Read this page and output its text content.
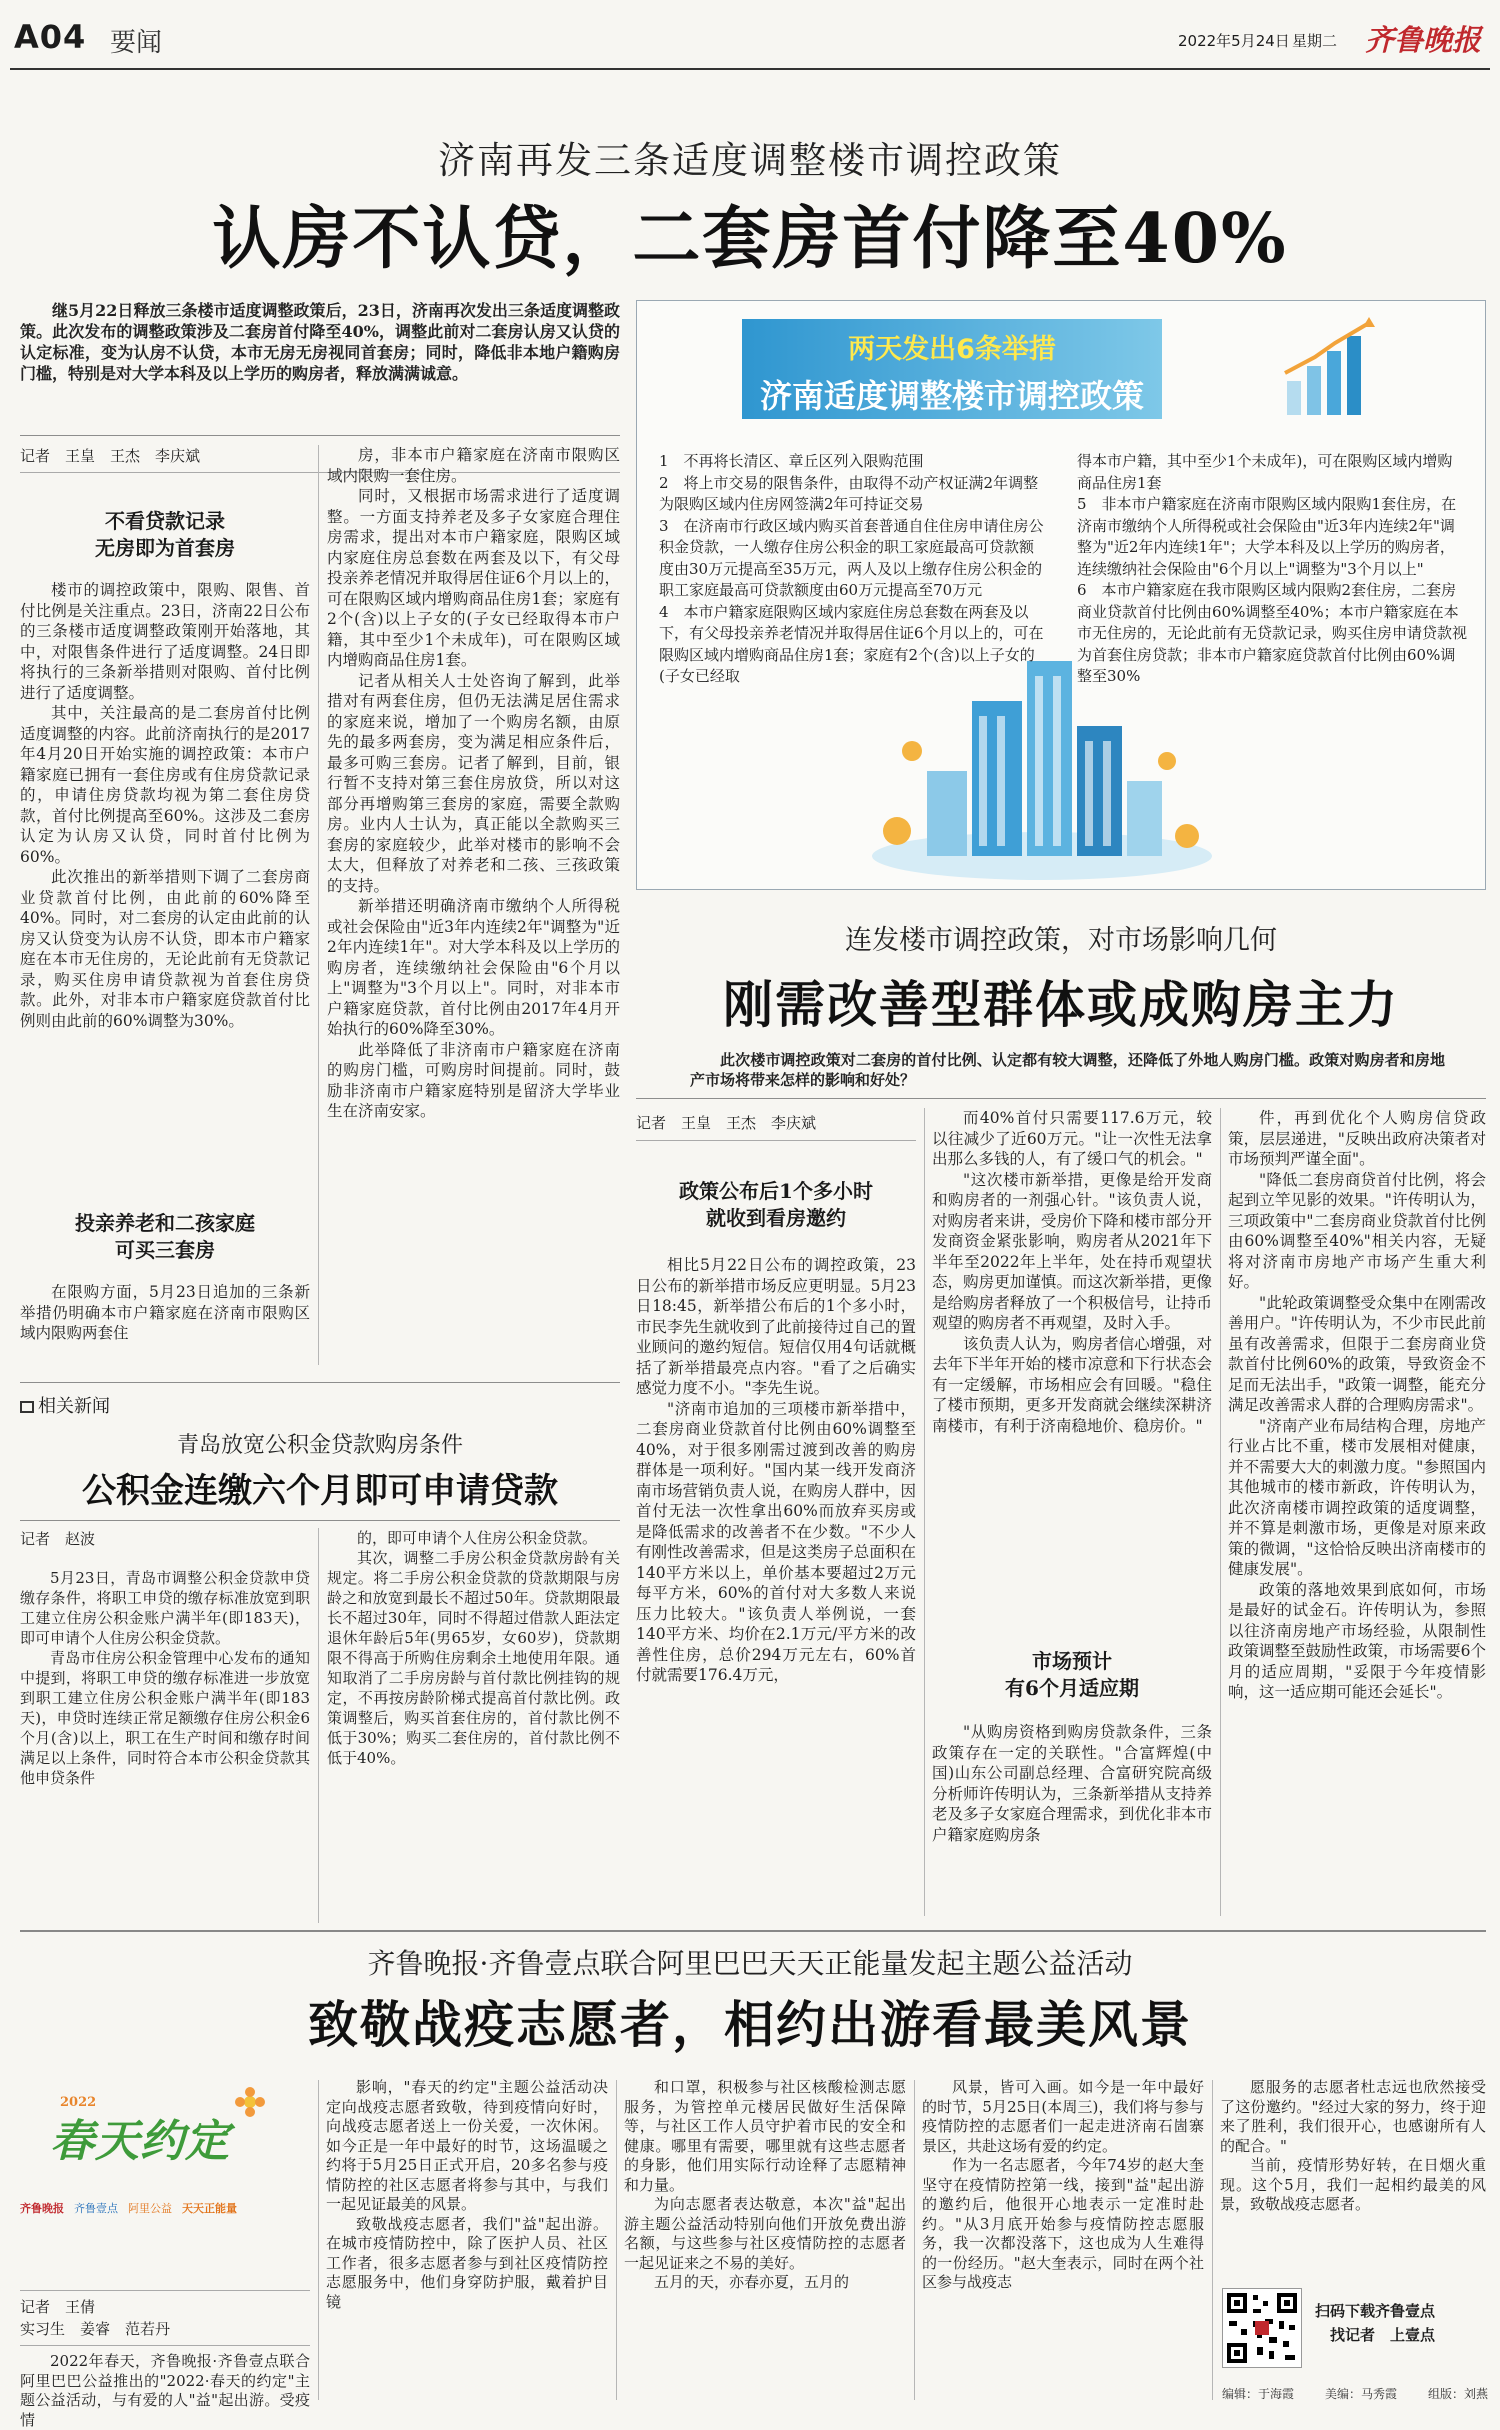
A04 要闻	2022年5月24日 星期二 齐鲁晚报
济南再发三条适度调整楼市调控政策
认房不认贷，二套房首付降至40%

继5月22日释放三条楼市适度调整政策后，23日，济南再次发出三条适度调整政策。此次发布的调整政策涉及二套房首付降至40%，调整此前对二套房认房又认贷的认定标准，变为认房不认贷，本市无房无房视同首套房；同时，降低非本地户籍购房门槛，特别是对大学本科及以上学历的购房者，释放满满诚意。

记者　王皇　王杰　李庆斌
不看贷款记录
无房即为首套房

楼市的调控政策中，限购、限售、首付比例是关注重点。23日，济南22日公布的三条楼市适度调整政策刚开始落地，其中，对限售条件进行了适度调整。24日即将执行的三条新举措则对限购、首付比例进行了适度调整。

其中，关注最高的是二套房首付比例适度调整的内容。此前济南执行的是2017年4月20日开始实施的调控政策：本市户籍家庭已拥有一套住房或有住房贷款记录的，申请住房贷款均视为第二套住房贷款，首付比例提高至60%。这涉及二套房认定为认房又认贷，同时首付比例为60%。

此次推出的新举措则下调了二套房商业贷款首付比例，由此前的60%降至40%。同时，对二套房的认定由此前的认房又认贷变为认房不认贷，即本市户籍家庭在本市无住房的，无论此前有无贷款记录，购买住房申请贷款视为首套住房贷款。此外，对非本市户籍家庭贷款首付比例则由此前的60%调整为30%。

投亲养老和二孩家庭
可买三套房

在限购方面，5月23日追加的三条新举措仍明确本市户籍家庭在济南市限购区域内限购两套住

房，非本市户籍家庭在济南市限购区域内限购一套住房。

同时，又根据市场需求进行了适度调整。一方面支持养老及多子女家庭合理住房需求，提出对本市户籍家庭，限购区域内家庭住房总套数在两套及以下，有父母投亲养老情况并取得居住证6个月以上的，可在限购区域内增购商品住房1套；家庭有2个(含)以上子女的(子女已经取得本市户籍，其中至少1个未成年)，可在限购区域内增购商品住房1套。

记者从相关人士处咨询了解到，此举措对有两套住房，但仍无法满足居住需求的家庭来说，增加了一个购房名额，由原先的最多两套房，变为满足相应条件后，最多可购三套房。记者了解到，目前，银行暂不支持对第三套住房放贷，所以对这部分再增购第三套房的家庭，需要全款购房。业内人士认为，真正能以全款购买三套房的家庭较少，此举对楼市的影响不会太大，但释放了对养老和二孩、三孩政策的支持。

新举措还明确济南市缴纳个人所得税或社会保险由"近3年内连续2年"调整为"近2年内连续1年"。对大学本科及以上学历的购房者，连续缴纳社会保险由"6个月以上"调整为"3个月以上"。同时，对非本市户籍家庭贷款，首付比例由2017年4月开始执行的60%降至30%。

此举降低了非济南市户籍家庭在济南的购房门槛，可购房时间提前。同时，鼓励非济南市户籍家庭特别是留济大学毕业生在济南安家。

两天发出6条举措
济南适度调整楼市调控政策
1　不再将长清区、章丘区列入限购范围
2　将上市交易的限售条件，由取得不动产权证满2年调整为限购区域内住房网签满2年可持证交易
3　在济南市行政区域内购买首套普通自住住房申请住房公积金贷款，一人缴存住房公积金的职工家庭最高可贷款额度由30万元提高至35万元，两人及以上缴存住房公积金的职工家庭最高可贷款额度由60万元提高至70万元
4　本市户籍家庭限购区域内家庭住房总套数在两套及以下，有父母投亲养老情况并取得居住证6个月以上的，可在限购区域内增购商品住房1套；家庭有2个(含)以上子女的(子女已经取
得本市户籍，其中至少1个未成年)，可在限购区域内增购商品住房1套
5　非本市户籍家庭在济南市限购区域内限购1套住房，在济南市缴纳个人所得税或社会保险由"近3年内连续2年"调整为"近2年内连续1年"；大学本科及以上学历的购房者，连续缴纳社会保险由"6个月以上"调整为"3个月以上"
6　本市户籍家庭在我市限购区域内限购2套住房，二套房商业贷款首付比例由60%调整至40%；本市户籍家庭在本市无住房的，无论此前有无贷款记录，购买住房申请贷款视为首套住房贷款；非本市户籍家庭贷款首付比例由60%调整至30%
连发楼市调控政策，对市场影响几何
刚需改善型群体或成购房主力

此次楼市调控政策对二套房的首付比例、认定都有较大调整，还降低了外地人购房门槛。政策对购房者和房地产市场将带来怎样的影响和好处？

记者　王皇　王杰　李庆斌
政策公布后1个多小时
就收到看房邀约

相比5月22日公布的调控政策，23日公布的新举措市场反应更明显。5月23日18:45，新举措公布后的1个多小时，市民李先生就收到了此前接待过自己的置业顾问的邀约短信。短信仅用4句话就概括了新举措最亮点内容。"看了之后确实感觉力度不小。"李先生说。

"济南市追加的三项楼市新举措中，二套房商业贷款首付比例由60%调整至40%，对于很多刚需过渡到改善的购房群体是一项利好。"国内某一线开发商济南市场营销负责人说，在购房人群中，因首付无法一次性拿出60%而放弃买房或是降低需求的改善者不在少数。"不少人有刚性改善需求，但是这类房子总面积在140平方米以上，单价基本要超过2万元每平方米，60%的首付对大多数人来说压力比较大。"该负责人举例说，一套140平方米、均价在2.1万元/平方米的改善性住房，总价294万元左右，60%首付就需要176.4万元，

而40%首付只需要117.6万元，较以往减少了近60万元。"让一次性无法拿出那么多钱的人，有了缓口气的机会。"

"这次楼市新举措，更像是给开发商和购房者的一剂强心针。"该负责人说，对购房者来讲，受房价下降和楼市部分开发商资金紧张影响，购房者从2021年下半年至2022年上半年，处在持币观望状态，购房更加谨慎。而这次新举措，更像是给购房者释放了一个积极信号，让持币观望的购房者不再观望，及时入手。

该负责人认为，购房者信心增强，对去年下半年开始的楼市凉意和下行状态会有一定缓解，市场相应会有回暖。"稳住了楼市预期，更多开发商就会继续深耕济南楼市，有利于济南稳地价、稳房价。"

市场预计
有6个月适应期

"从购房资格到购房贷款条件，三条政策存在一定的关联性。"合富辉煌(中国)山东公司副总经理、合富研究院高级分析师许传明认为，三条新举措从支持养老及多子女家庭合理需求，到优化非本市户籍家庭购房条

件，再到优化个人购房信贷政策，层层递进，"反映出政府决策者对市场预判严谨全面"。

"降低二套房商贷首付比例，将会起到立竿见影的效果。"许传明认为，三项政策中"二套房商业贷款首付比例由60%调整至40%"相关内容，无疑将对济南市房地产市场产生重大利好。

"此轮政策调整受众集中在刚需改善用户。"许传明认为，不少市民此前虽有改善需求，但限于二套房商业贷款首付比例60%的政策，导致资金不足而无法出手，"政策一调整，能充分满足改善需求人群的合理购房需求"。

"济南产业布局结构合理，房地产行业占比不重，楼市发展相对健康，并不需要大大的刺激力度。"参照国内其他城市的楼市新政，许传明认为，此次济南楼市调控政策的适度调整，并不算是刺激市场，更像是对原来政策的微调，"这恰恰反映出济南楼市的健康发展"。

政策的落地效果到底如何，市场是最好的试金石。许传明认为，参照以往济南房地产市场经验，从限制性政策调整至鼓励性政策，市场需要6个月的适应周期，"妥限于今年疫情影响，这一适应期可能还会延长"。

相关新闻
青岛放宽公积金贷款购房条件
公积金连缴六个月即可申请贷款
记者　赵波

5月23日，青岛市调整公积金贷款申贷缴存条件，将职工申贷的缴存标准放宽到职工建立住房公积金账户满半年(即183天)，即可申请个人住房公积金贷款。

青岛市住房公积金管理中心发布的通知中提到，将职工申贷的缴存标准进一步放宽到职工建立住房公积金账户满半年(即183天)，申贷时连续正常足额缴存住房公积金6个月(含)以上，职工在生产时间和缴存时间满足以上条件，同时符合本市公积金贷款其他申贷条件

的，即可申请个人住房公积金贷款。

其次，调整二手房公积金贷款房龄有关规定。将二手房公积金贷款的贷款期限与房龄之和放宽到最长不超过50年。贷款期限最长不超过30年，同时不得超过借款人距法定退休年龄后5年(男65岁，女60岁)，贷款期限不得高于所购住房剩余土地使用年限。通知取消了二手房房龄与首付款比例挂钩的规定，不再按房龄阶梯式提高首付款比例。政策调整后，购买首套住房的，首付款比例不低于30%；购买二套住房的，首付款比例不低于40%。

齐鲁晚报·齐鲁壹点联合阿里巴巴天天正能量发起主题公益活动
致敬战疫志愿者，相约出游看最美风景
2022
春天约定
齐鲁晚报 齐鲁壹点 阿里公益 天天正能量
记者　王倩
实习生　姜睿　范若丹

2022年春天，齐鲁晚报·齐鲁壹点联合阿里巴巴公益推出的"2022·春天的约定"主题公益活动，与有爱的人"益"起出游。受疫情

影响，"春天的约定"主题公益活动决定向战疫志愿者致敬，待到疫情向好时，向战疫志愿者送上一份关爱，一次休闲。如今正是一年中最好的时节，这场温暖之约将于5月25日正式开启，20多名参与疫情防控的社区志愿者将参与其中，与我们一起见证最美的风景。

致敬战疫志愿者，我们"益"起出游。在城市疫情防控中，除了医护人员、社区工作者，很多志愿者参与到社区疫情防控志愿服务中，他们身穿防护服，戴着护目镜

和口罩，积极参与社区核酸检测志愿服务，为管控单元楼居民做好生活保障等，与社区工作人员守护着市民的安全和健康。哪里有需要，哪里就有这些志愿者的身影，他们用实际行动诠释了志愿精神和力量。

为向志愿者表达敬意，本次"益"起出游主题公益活动特别向他们开放免费出游名额，与这些参与社区疫情防控的志愿者一起见证来之不易的美好。

五月的天，亦春亦夏，五月的

风景，皆可入画。如今是一年中最好的时节，5月25日(本周三)，我们将与参与疫情防控的志愿者们一起走进济南石崮寨景区，共赴这场有爱的约定。

作为一名志愿者，今年74岁的赵大奎坚守在疫情防控第一线，接到"益"起出游的邀约后，他很开心地表示一定准时赴约。"从3月底开始参与疫情防控志愿服务，我一次都没落下，这也成为人生难得的一份经历。"赵大奎表示，同时在两个社区参与战疫志

愿服务的志愿者杜志远也欣然接受了这份邀约。"经过大家的努力，终于迎来了胜利，我们很开心，也感谢所有人的配合。"

当前，疫情形势好转，在日烟火重现。这个5月，我们一起相约最美的风景，致敬战疫志愿者。

扫码下载齐鲁壹点
找记者　上壹点
编辑：于海霞	美编：马秀霞	组版：刘燕
